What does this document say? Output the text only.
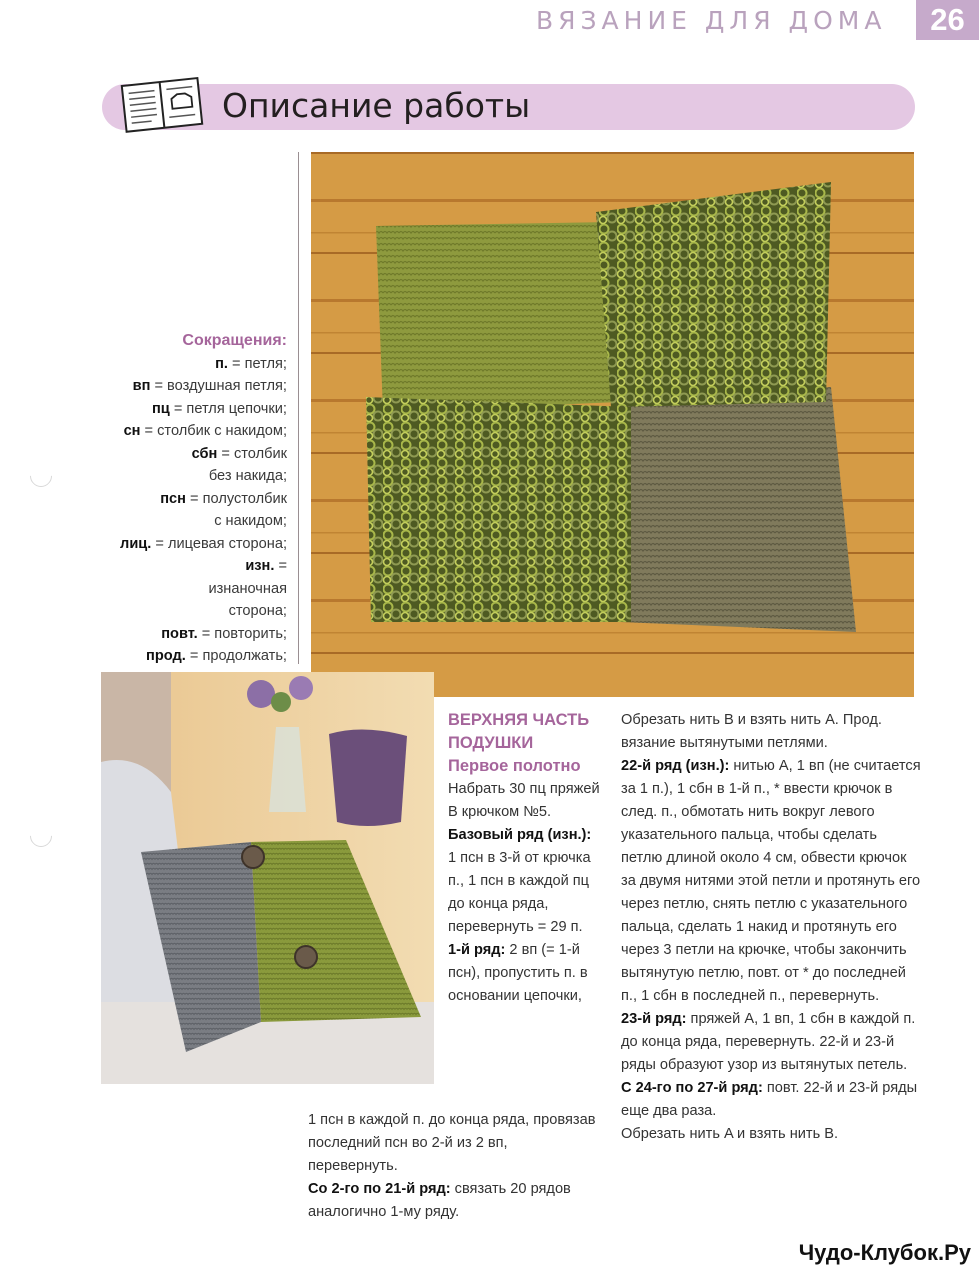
ВЯЗАНИЕ ДЛЯ ДОМА	26
Описание работы
Сокращения:
п. = петля;
вп = воздушная петля;
пц = петля цепочки;
сн = столбик с накидом;
сбн = столбик без накида;
псн = полустолбик с накидом;
лиц. = лицевая сторона;
изн. = изнаночная сторона;
повт. = повторить;
прод. = продолжать;
ВЕРХНЯЯ ЧАСТЬ ПОДУШКИ
Первое полотно
Набрать 30 пц пряжей B крючком №5.
Базовый ряд (изн.): 1 псн в 3-й от крючка п., 1 псн в каждой пц до конца ряда, перевернуть = 29 п.
1-й ряд: 2 вп (= 1-й псн), пропустить п. в основании цепочки,
1 псн в каждой п. до конца ряда, провязав последний псн во 2-й из 2 вп, перевернуть.
Со 2-го по 21-й ряд: связать 20 рядов аналогично 1-му ряду.
Обрезать нить B и взять нить A. Прод. вязание вытянутыми петлями.
22-й ряд (изн.): нитью A, 1 вп (не считается за 1 п.), 1 сбн в 1-й п., * ввести крючок в след. п., обмотать нить вокруг левого указательного пальца, чтобы сделать петлю длиной около 4 см, обвести крючок за двумя нитями этой петли и протянуть его через петлю, снять петлю с указательного пальца, сделать 1 накид и протянуть его через 3 петли на крючке, чтобы закончить вытянутую петлю, повт. от * до последней п., 1 сбн в последней п., перевернуть.
23-й ряд: пряжей A, 1 вп, 1 сбн в каждой п. до конца ряда, перевернуть. 22-й и 23-й ряды образуют узор из вытянутых петель.
С 24-го по 27-й ряд: повт. 22-й и 23-й ряды еще два раза.
Обрезать нить A и взять нить B.
Чудо-Клубок.Ру
